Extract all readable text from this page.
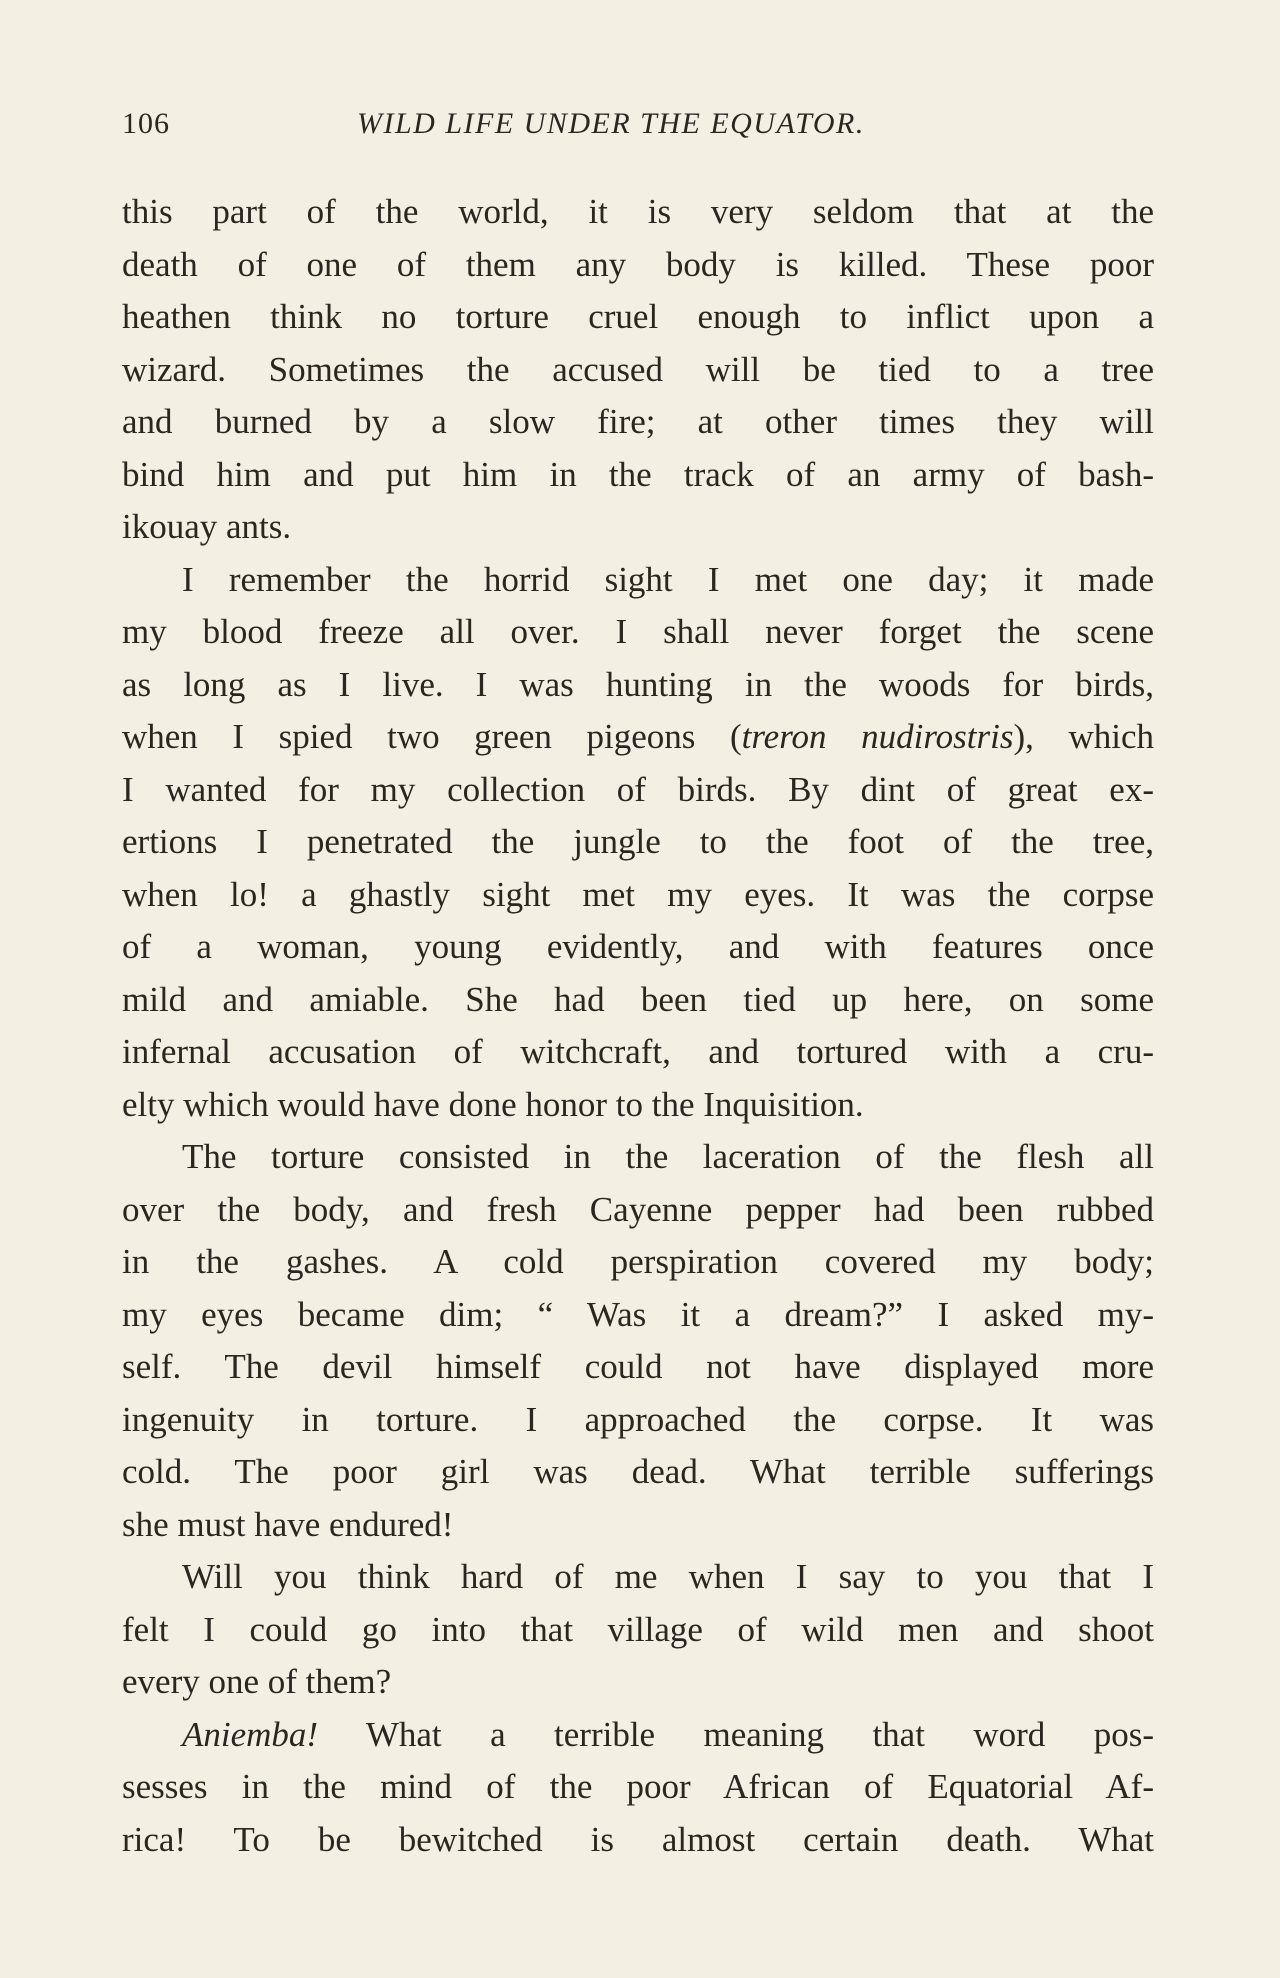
106	WILD LIFE UNDER THE EQUATOR.
this part of the world, it is very seldom that at the
death of one of them any body is killed. These poor
heathen think no torture cruel enough to inflict upon a
wizard. Sometimes the accused will be tied to a tree
and burned by a slow fire; at other times they will
bind him and put him in the track of an army of bash-
ikouay ants.
I remember the horrid sight I met one day; it made
my blood freeze all over. I shall never forget the scene
as long as I live. I was hunting in the woods for birds,
when I spied two green pigeons (treron nudirostris), which
I wanted for my collection of birds. By dint of great ex-
ertions I penetrated the jungle to the foot of the tree,
when lo! a ghastly sight met my eyes. It was the corpse
of a woman, young evidently, and with features once
mild and amiable. She had been tied up here, on some
infernal accusation of witchcraft, and tortured with a cru-
elty which would have done honor to the Inquisition.
The torture consisted in the laceration of the flesh all
over the body, and fresh Cayenne pepper had been rubbed
in the gashes. A cold perspiration covered my body;
my eyes became dim; “ Was it a dream?” I asked my-
self. The devil himself could not have displayed more
ingenuity in torture. I approached the corpse. It was
cold. The poor girl was dead. What terrible sufferings
she must have endured!
Will you think hard of me when I say to you that I
felt I could go into that village of wild men and shoot
every one of them?
Aniemba! What a terrible meaning that word pos-
sesses in the mind of the poor African of Equatorial Af-
rica! To be bewitched is almost certain death. What
